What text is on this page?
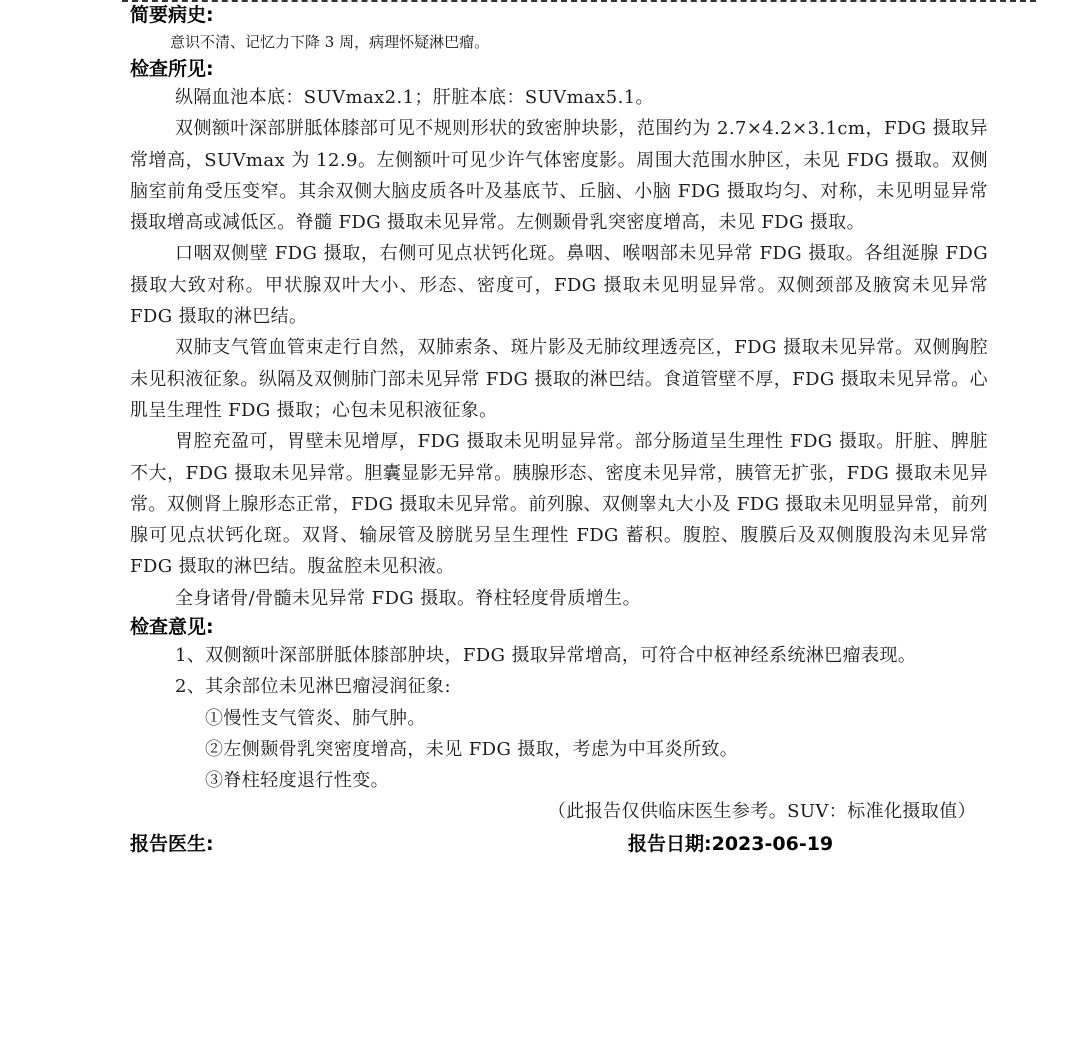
简要病史:

意识不清、记忆力下降 3 周，病理怀疑淋巴瘤。

检查所见:

纵隔血池本底：SUVmax2.1；肝脏本底：SUVmax5.1。

双侧额叶深部胼胝体膝部可见不规则形状的致密肿块影，范围约为 2.7×4.2×3.1cm，FDG 摄取异常增高，SUVmax 为 12.9。左侧额叶可见少许气体密度影。周围大范围水肿区，未见 FDG 摄取。双侧脑室前角受压变窄。其余双侧大脑皮质各叶及基底节、丘脑、小脑 FDG 摄取均匀、对称，未见明显异常摄取增高或减低区。脊髓 FDG 摄取未见异常。左侧颞骨乳突密度增高，未见 FDG 摄取。

口咽双侧壁 FDG 摄取，右侧可见点状钙化斑。鼻咽、喉咽部未见异常 FDG 摄取。各组涎腺 FDG 摄取大致对称。甲状腺双叶大小、形态、密度可，FDG 摄取未见明显异常。双侧颈部及腋窝未见异常 FDG 摄取的淋巴结。

双肺支气管血管束走行自然，双肺索条、斑片影及无肺纹理透亮区，FDG 摄取未见异常。双侧胸腔未见积液征象。纵隔及双侧肺门部未见异常 FDG 摄取的淋巴结。食道管壁不厚，FDG 摄取未见异常。心肌呈生理性 FDG 摄取；心包未见积液征象。

胃腔充盈可，胃壁未见增厚，FDG 摄取未见明显异常。部分肠道呈生理性 FDG 摄取。肝脏、脾脏不大，FDG 摄取未见异常。胆囊显影无异常。胰腺形态、密度未见异常，胰管无扩张，FDG 摄取未见异常。双侧肾上腺形态正常，FDG 摄取未见异常。前列腺、双侧睾丸大小及 FDG 摄取未见明显异常，前列腺可见点状钙化斑。双肾、输尿管及膀胱另呈生理性 FDG 蓄积。腹腔、腹膜后及双侧腹股沟未见异常 FDG 摄取的淋巴结。腹盆腔未见积液。

全身诸骨/骨髓未见异常 FDG 摄取。脊柱轻度骨质增生。

检查意见:

1、双侧额叶深部胼胝体膝部肿块，FDG 摄取异常增高，可符合中枢神经系统淋巴瘤表现。

2、其余部位未见淋巴瘤浸润征象:

①慢性支气管炎、肺气肿。

②左侧颞骨乳突密度增高，未见 FDG 摄取，考虑为中耳炎所致。

③脊柱轻度退行性变。

（此报告仅供临床医生参考。SUV：标准化摄取值）

报告医生:	报告日期:2023-06-19
